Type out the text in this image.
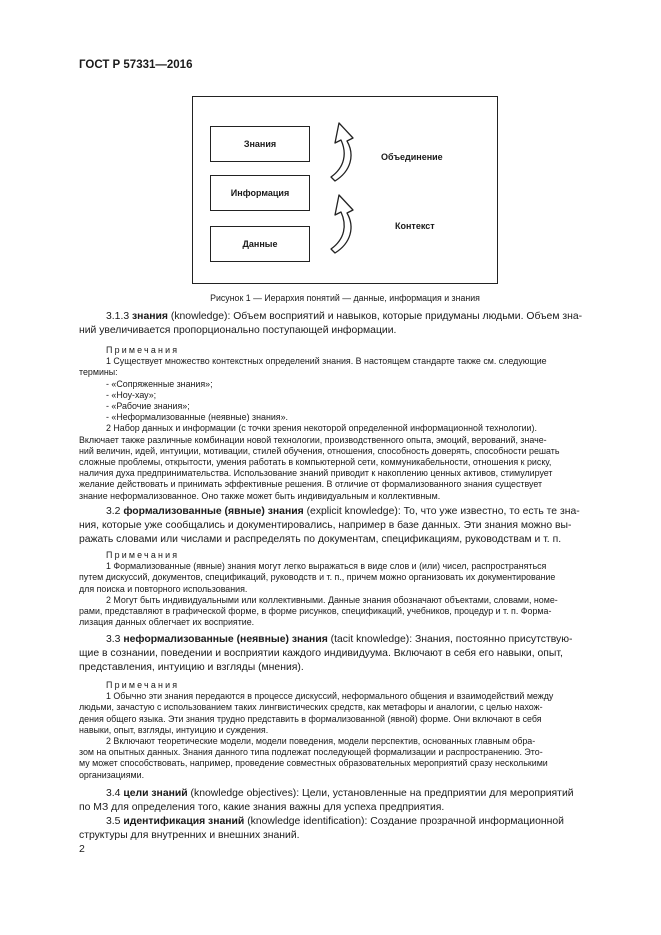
ГОСТ Р 57331—2016
Знания
Информация
Данные
Объединение
Контекст
Рисунок 1 — Иерархия понятий — данные, информация и знания

3.1.3 знания (knowledge): Объем восприятий и навыков, которые придуманы людьми. Объем зна-

ний увеличивается пропорционально поступающей информации.

Примечания

1 Существует множество контекстных определений знания. В настоящем стандарте также см. следующие

термины:

- «Сопряженные знания»;

- «Ноу-хау»;

- «Рабочие знания»;

- «Неформализованные (неявные) знания».

2 Набор данных и информации (с точки зрения некоторой определенной информационной технологии).

Включает также различные комбинации новой технологии, производственного опыта, эмоций, верований, значе-

ний величин, идей, интуиции, мотивации, стилей обучения, отношения, способность доверять, способности решать

сложные проблемы, открытости, умения работать в компьютерной сети, коммуникабельности, отношения к риску,

наличия духа предпринимательства. Использование знаний приводит к накоплению ценных активов, стимулирует

желание действовать и принимать эффективные решения. В отличие от формализованного знания существует

знание неформализованное. Оно также может быть индивидуальным и коллективным.

3.2 формализованные (явные) знания (explicit knowledge): То, что уже известно, то есть те зна-

ния, которые уже сообщались и документировались, например в базе данных. Эти знания можно вы-

ражать словами или числами и распределять по документам, спецификациям, руководствам и т. п.

Примечания

1 Формализованные (явные) знания могут легко выражаться в виде слов и (или) чисел, распространяться

путем дискуссий, документов, спецификаций, руководств и т. п., причем можно организовать их документирование

для поиска и повторного использования.

2 Могут быть индивидуальными или коллективными. Данные знания обозначают объектами, словами, номе-

рами, представляют в графической форме, в форме рисунков, спецификаций, учебников, процедур и т. п. Форма-

лизация данных облегчает их восприятие.

3.3 неформализованные (неявные) знания (tacit knowledge): Знания, постоянно присутствую-

щие в сознании, поведении и восприятии каждого индивидуума. Включают в себя его навыки, опыт,

представления, интуицию и взгляды (мнения).

Примечания

1 Обычно эти знания передаются в процессе дискуссий, неформального общения и взаимодействий между

людьми, зачастую с использованием таких лингвистических средств, как метафоры и аналогии, с целью нахож-

дения общего языка. Эти знания трудно представить в формализованной (явной) форме. Они включают в себя

навыки, опыт, взгляды, интуицию и суждения.

2 Включают теоретические модели, модели поведения, модели перспектив, основанных главным обра-

зом на опытных данных. Знания данного типа подлежат последующей формализации и распространению. Это-

му может способствовать, например, проведение совместных образовательных мероприятий сразу несколькими

организациями.

3.4 цели знаний (knowledge objectives): Цели, установленные на предприятии для мероприятий

по МЗ для определения того, какие знания важны для успеха предприятия.

3.5 идентификация знаний (knowledge identification): Создание прозрачной информационной

структуры для внутренних и внешних знаний.

2
